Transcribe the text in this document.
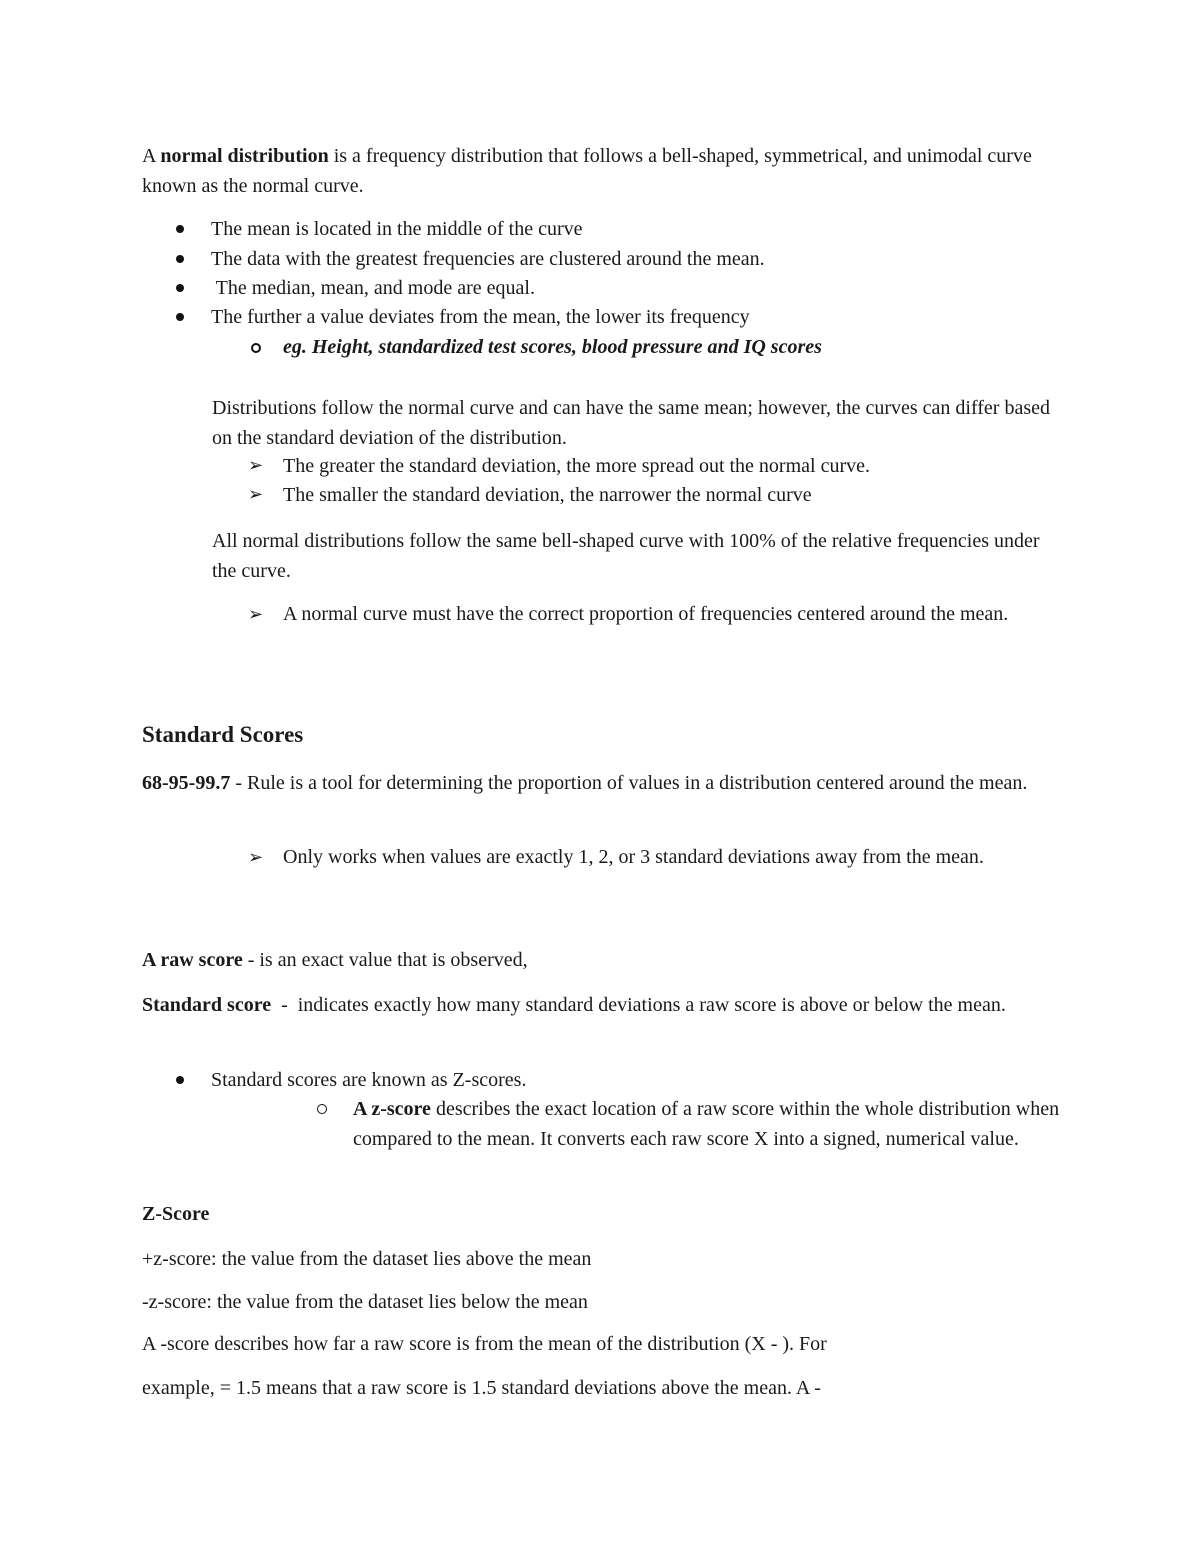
A normal distribution is a frequency distribution that follows a bell-shaped, symmetrical, and unimodal curve known as the normal curve.

The mean is located in the middle of the curve
The data with the greatest frequencies are clustered around the mean.
The median, mean, and mode are equal.
The further a value deviates from the mean, the lower its frequency

eg. Height, standardized test scores, blood pressure and IQ scores

Distributions follow the normal curve and can have the same mean; however, the curves can differ based on the standard deviation of the distribution.

➢ The greater the standard deviation, the more spread out the normal curve.

➢ The smaller the standard deviation, the narrower the normal curve

All normal distributions follow the same bell-shaped curve with 100% of the relative frequencies under the curve.

➢ A normal curve must have the correct proportion of frequencies centered around the mean.

Standard Scores

68-95-99.7 - Rule is a tool for determining the proportion of values in a distribution centered around the mean.

➢ Only works when values are exactly 1, 2, or 3 standard deviations away from the mean.

A raw score - is an exact value that is observed,

Standard score  -  indicates exactly how many standard deviations a raw score is above or below the mean.

Standard scores are known as Z-scores.

A z-score describes the exact location of a raw score within the whole distribution when compared to the mean. It converts each raw score X into a signed, numerical value.

Z-Score

+z-score: the value from the dataset lies above the mean

-z-score: the value from the dataset lies below the mean

A -score describes how far a raw score is from the mean of the distribution (X - ). For

example, = 1.5 means that a raw score is 1.5 standard deviations above the mean. A -
